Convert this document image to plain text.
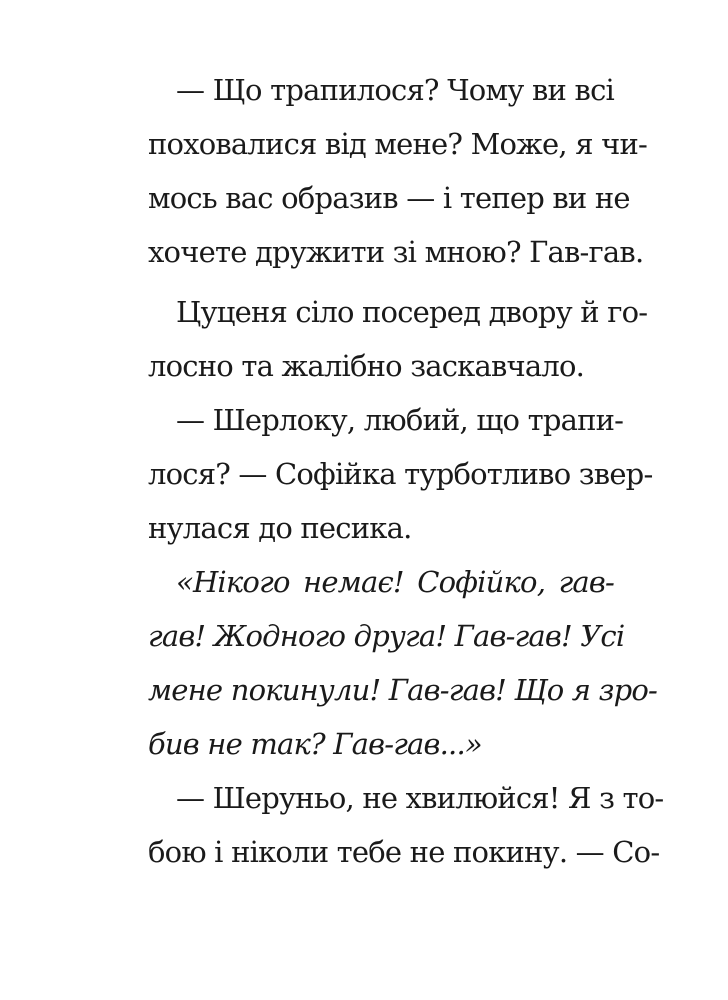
— Що трапилося? Чому ви всі
поховалися від мене? Може, я чи-
мось вас образив — і тепер ви не
хочете дружити зі мною? Гав-гав.
Цуценя сіло посеред двору й го-
лосно та жалібно заскавчало.
— Шерлоку, любий, що трапи-
лося? — Софійка турботливо звер-
нулася до песика.
«Нікого немає! Софійко, гав-
гав! Жодного друга! Гав-гав! Усі
мене покинули! Гав-гав! Що я зро-
бив не так? Гав-гав...»
— Шеруньо, не хвилюйся! Я з то-
бою і ніколи тебе не покину. — Со-
